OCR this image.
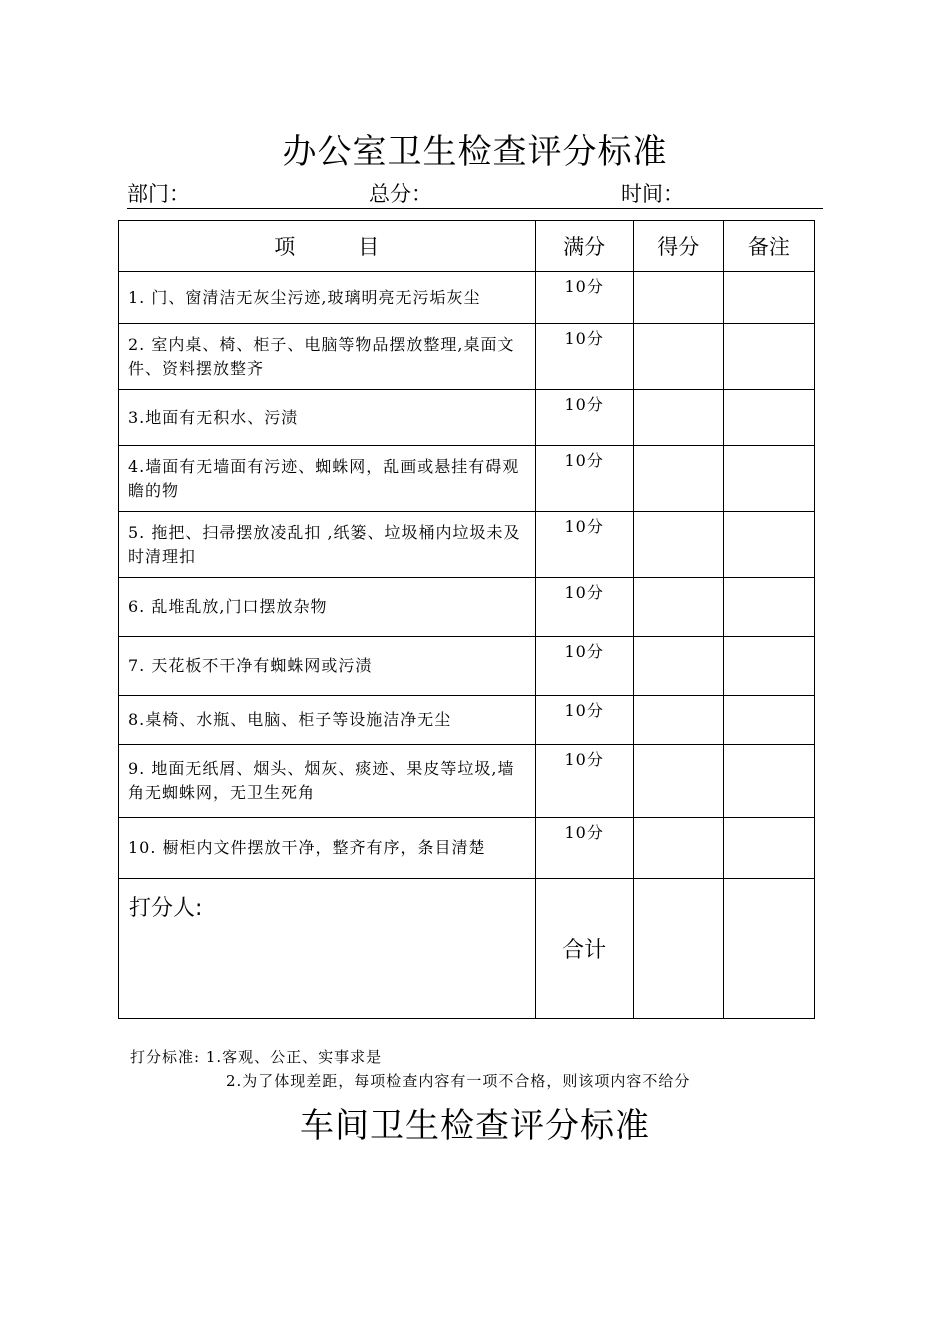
办公室卫生检查评分标准
部门：	总分：	时间：
项　　　目	满分	得分	备注
1. 门、窗清洁无灰尘污迹,玻璃明亮无污垢灰尘	10分		
2. 室内桌、椅、柜子、电脑等物品摆放整理,桌面文件、资料摆放整齐	10分		
3.地面有无积水、污渍	10分		
4.墙面有无墙面有污迹、蜘蛛网，乱画或悬挂有碍观瞻的物	10分		
5. 拖把、扫帚摆放凌乱扣 ,纸篓、垃圾桶内垃圾未及时清理扣	10分		
6. 乱堆乱放,门口摆放杂物	10分		
7. 天花板不干净有蜘蛛网或污渍	10分		
8.桌椅、水瓶、电脑、柜子等设施洁净无尘	10分		
9. 地面无纸屑、烟头、烟灰、痰迹、果皮等垃圾,墙角无蜘蛛网，无卫生死角	10分		
10. 橱柜内文件摆放干净，整齐有序，条目清楚	10分		
打分人:	合计		
打分标准: 1.客观、公正、实事求是
2.为了体现差距，每项检查内容有一项不合格，则该项内容不给分
车间卫生检查评分标准
